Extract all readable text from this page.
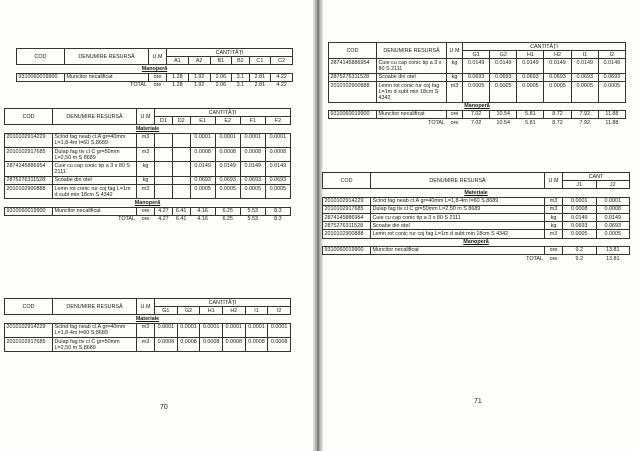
COD	DENUMIRE RESURSĂ	U.M	CANTITĂŢI					
			A1	A2	B1	B2	C1	C2
Manoperă								
9310060019900	Muncitor necalificat	ore	1.28	1.92	2.06	3.1	2.81	4.22
	TOTAL	ore	1.28	1.92	2.06	3.1	2.81	4.22
COD	DENUMIRE RESURSĂ	U.M	CANTITĂŢI					
			D1	D2	E1	E2	F1	F2
Materiale								
2010102914229	Scînd fag neab cl.A gr=40mm L=1,8-4m l=60 S.8689	m3			0.0001	0.0001	0.0001	0.0001
2010102917685	Dulap fag tiv cl C gr=50mm L=2,50 m S 8689	m3			0.0008	0.0008	0.0008	0.0008
2874145886954	Cuie cu cap conic tip a 3 x 80 S 2111	kg			0.0149	0.0149	0.0149	0.0149
2875276311528	Scoabe din otel	kg			0.0693	0.0693	0.0693	0.0693
2010102900888	Lemn rot conic rur coj fag L=1m d subt min 18cm S 4342	m3			0.0005	0.0005	0.0005	0.0005
Manoperă								
9310060019900	Muncitor necalificat	ore	4.27	6.41	4.16	6.25	5.53	8.3
	TOTAL	ore	4.27	6.41	4.16	6.25	5.53	8.3
COD	DENUMIRE RESURSĂ	U.M	CANTITĂŢI					
			G1	G2	H1	H2	I1	I2
Materiale								
2010102914229	Scînd fag neab cl.A gr=40mm L=1,8-4m l=60 S.8689	m3	0.0001	0.0001	0.0001	0.0001	0.0001	0.0001
2010102917685	Dulap fag tiv cl C gr=50mm L=2,50 m S.8689	m3	0.0008	0.0008	0.0008	0.0008	0.0008	0.0008
70
COD	DENUMIRE RESURSĂ	U.M	CANTITĂŢI					
			G1	G2	H1	H2	I1	I2
2874145886954	Cuie cu cap conic tip a 3 x 80 S 2111	kg	0.0149	0.0149	0.0149	0.0149	0.0149	0.0149
2875276311528	Scoabe din otel	kg	0.0693	0.0693	0.0693	0.0693	0.0693	0.0693
2010102900888	Lemn rot conic rur coj fag L=1m d subt min 18cm S 4342	m3	0.0005	0.0005	0.0005	0.0005	0.0005	0.0005
Manoperă								
9310060019900	Muncitor necalificat	ore	7.02	10.54	5.81	8.72	7.92	11.88
	TOTAL	ore	7.02	10.54	5.81	8.72	7.92	11.88
COD	DENUMIRE RESURSĂ	U.M	CANT	
			J1	J2
Materiale				
2010102914229	Scînd fag neab cl.A gr=40mm L=1,8-4m l=60 S.8689	m3	0.0001	0.0001
2010102917685	Dulap fag tiv cl C gr=50mm L=2,50 m S 8689	m3	0.0008	0.0008
2874145886954	Cuie cu cap conic tip a 3 x 80 S 2111	kg	0.0149	0.0149
2875276311528	Scoabe din otel	kg	0.0693	0.0693
2010102900888	Lemn rot conic rur coj fag L=1m d subt min 18cm S 4342	m3	0.0005	0.0005
Manoperă				
9310060019900	Muncitor necalificat	ore	9.2	13.81
	TOTAL	ore	9.2	13.81
71
